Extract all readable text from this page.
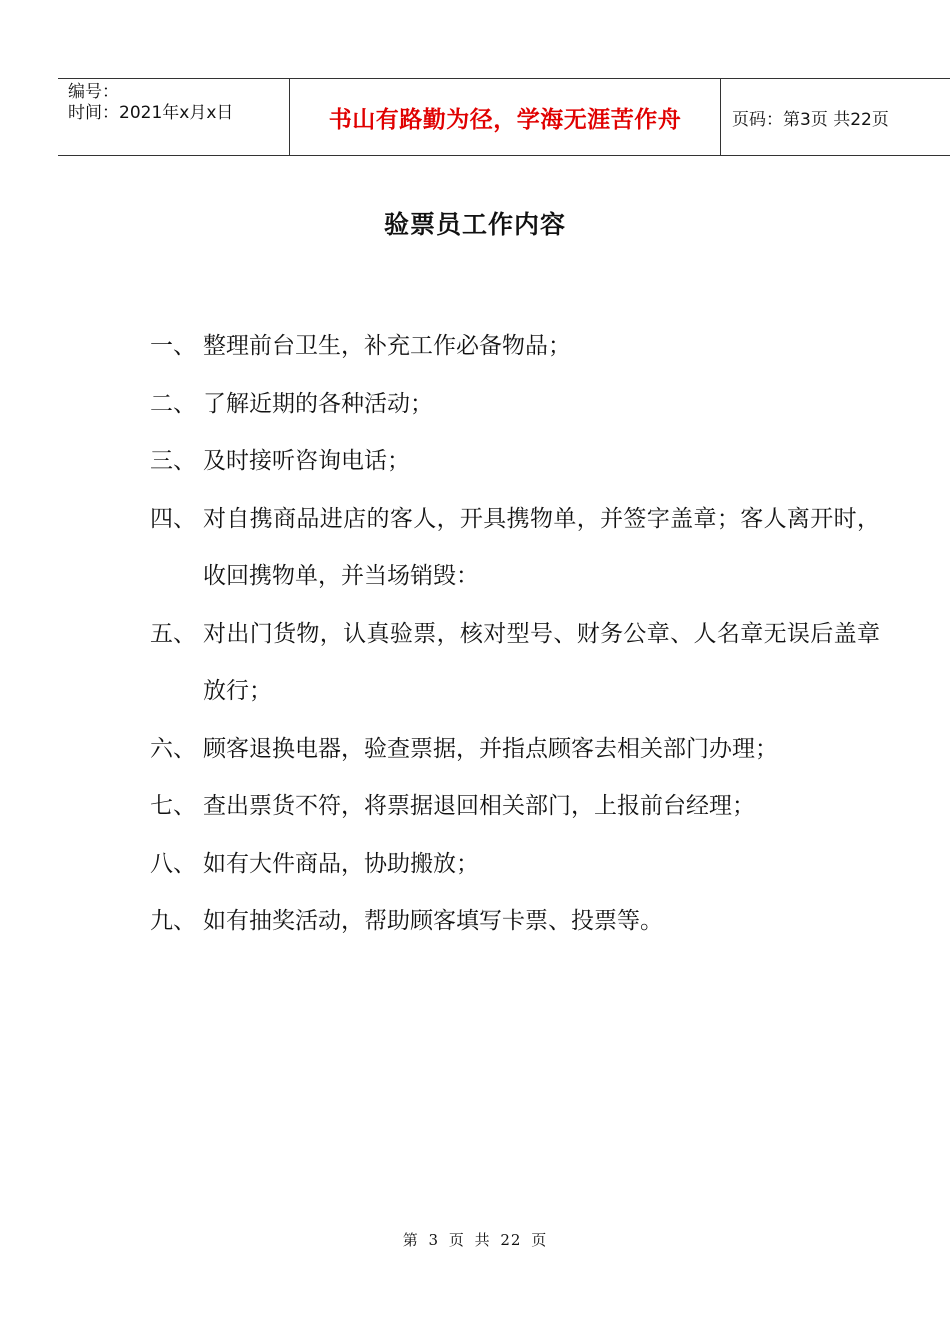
编号：
时间：2021年x月x日	书山有路勤为径，学海无涯苦作舟	页码：第3页 共22页
验票员工作内容
一、 整理前台卫生，补充工作必备物品；
二、 了解近期的各种活动；
三、 及时接听咨询电话；
四、 对自携商品进店的客人，开具携物单，并签字盖章；客人离开时，收回携物单，并当场销毁：
五、 对出门货物，认真验票，核对型号、财务公章、人名章无误后盖章放行；
六、 顾客退换电器，验查票据，并指点顾客去相关部门办理；
七、 查出票货不符，将票据退回相关部门，上报前台经理；
八、 如有大件商品，协助搬放；
九、 如有抽奖活动，帮助顾客填写卡票、投票等。
第 3 页 共 22 页
